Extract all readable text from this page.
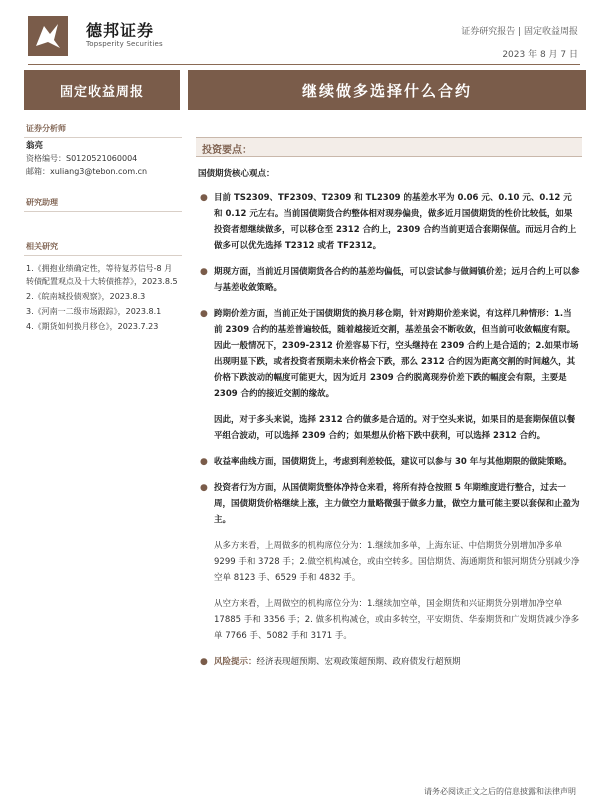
德邦证券
Topsperity Securities
证券研究报告 | 固定收益周报
2023 年 8 月 7 日
固定收益周报	继续做多选择什么合约
证券分析师
翁亮
资格编号：S0120521060004
邮箱：xuliang3@tebon.com.cn
研究助理
相关研究
1.《拥抱业绩确定性，等待复苏信号-8 月转债配置观点及十大转债推荐》，2023.8.5
2.《皖南城投债观察》，2023.8.3
3.《河南一二级市场跟踪》，2023.8.1
4.《期货如何换月移仓》，2023.7.23
投资要点：
国债期货核心观点：
● 目前 TS2309、TF2309、T2309 和 TL2309 的基差水平为 0.06 元、0.10 元、0.12 元和 0.12 元左右。当前国债期货合约整体相对现券偏贵，做多近月国债期货的性价比较低，如果投资者想继续做多，可以移仓至 2312 合约上，2309 合约当前更适合套期保值。而远月合约上做多可以优先选择 T2312 或者 TF2312。
● 期现方面，当前近月国债期货各合约的基差均偏低，可以尝试参与做阔镇价差；远月合约上可以参与基差收敛策略。
● 跨期价差方面，当前正处于国债期货的换月移仓期，针对跨期价差来说，有这样几种情形：1.当前 2309 合约的基差普遍较低，随着越接近交割，基差虽会不断收敛，但当前可收敛幅度有限。因此一般情况下，2309-2312 价差容易下行，空头继持在 2309 合约上是合适的；2.如果市场出现明显下跌，或者投资者预期未来价格会下跌，那么 2312 合约因为距离交割的时间越久，其价格下跌波动的幅度可能更大，因为近月 2309 合约脱离现券价差下跌的幅度会有限，主要是 2309 合约的接近交割的缘故。
因此，对于多头来说，选择 2312 合约做多是合适的。对于空头来说，如果目的是套期保值以餐平组合波动，可以选择 2309 合约；如果想从价格下跌中获利，可以选择 2312 合约。
● 收益率曲线方面，国债期货上，考虑到利差较低，建议可以参与 30 年与其他期限的做陡策略。
● 投资者行为方面，从国债期货整体净持仓来看，将所有持仓按照 5 年期维度进行整合，过去一周，国债期货价格继续上涨，主力做空力量略微强于做多力量，做空力量可能主要以套保和止盈为主。
从多方来看，上周做多的机构席位分为：1.继续加多单，上海东证、中信期货分别增加净多单 9299 手和 3728 手；2.做空机构减仓，或由空转多。国信期货、海通期货和银河期货分别减少净空单 8123 手、6529 手和 4832 手。
从空方来看，上周做空的机构席位分为：1.继续加空单，国金期货和兴证期货分别增加净空单 17885 手和 3356 手；2. 做多机构减仓，或由多转空，平安期货、华泰期货和广发期货减少净多单 7766 手、5082 手和 3171 手。
● 风险提示：经济表现超预期、宏观政策超预期、政府债发行超预期
请务必阅读正文之后的信息披露和法律声明
